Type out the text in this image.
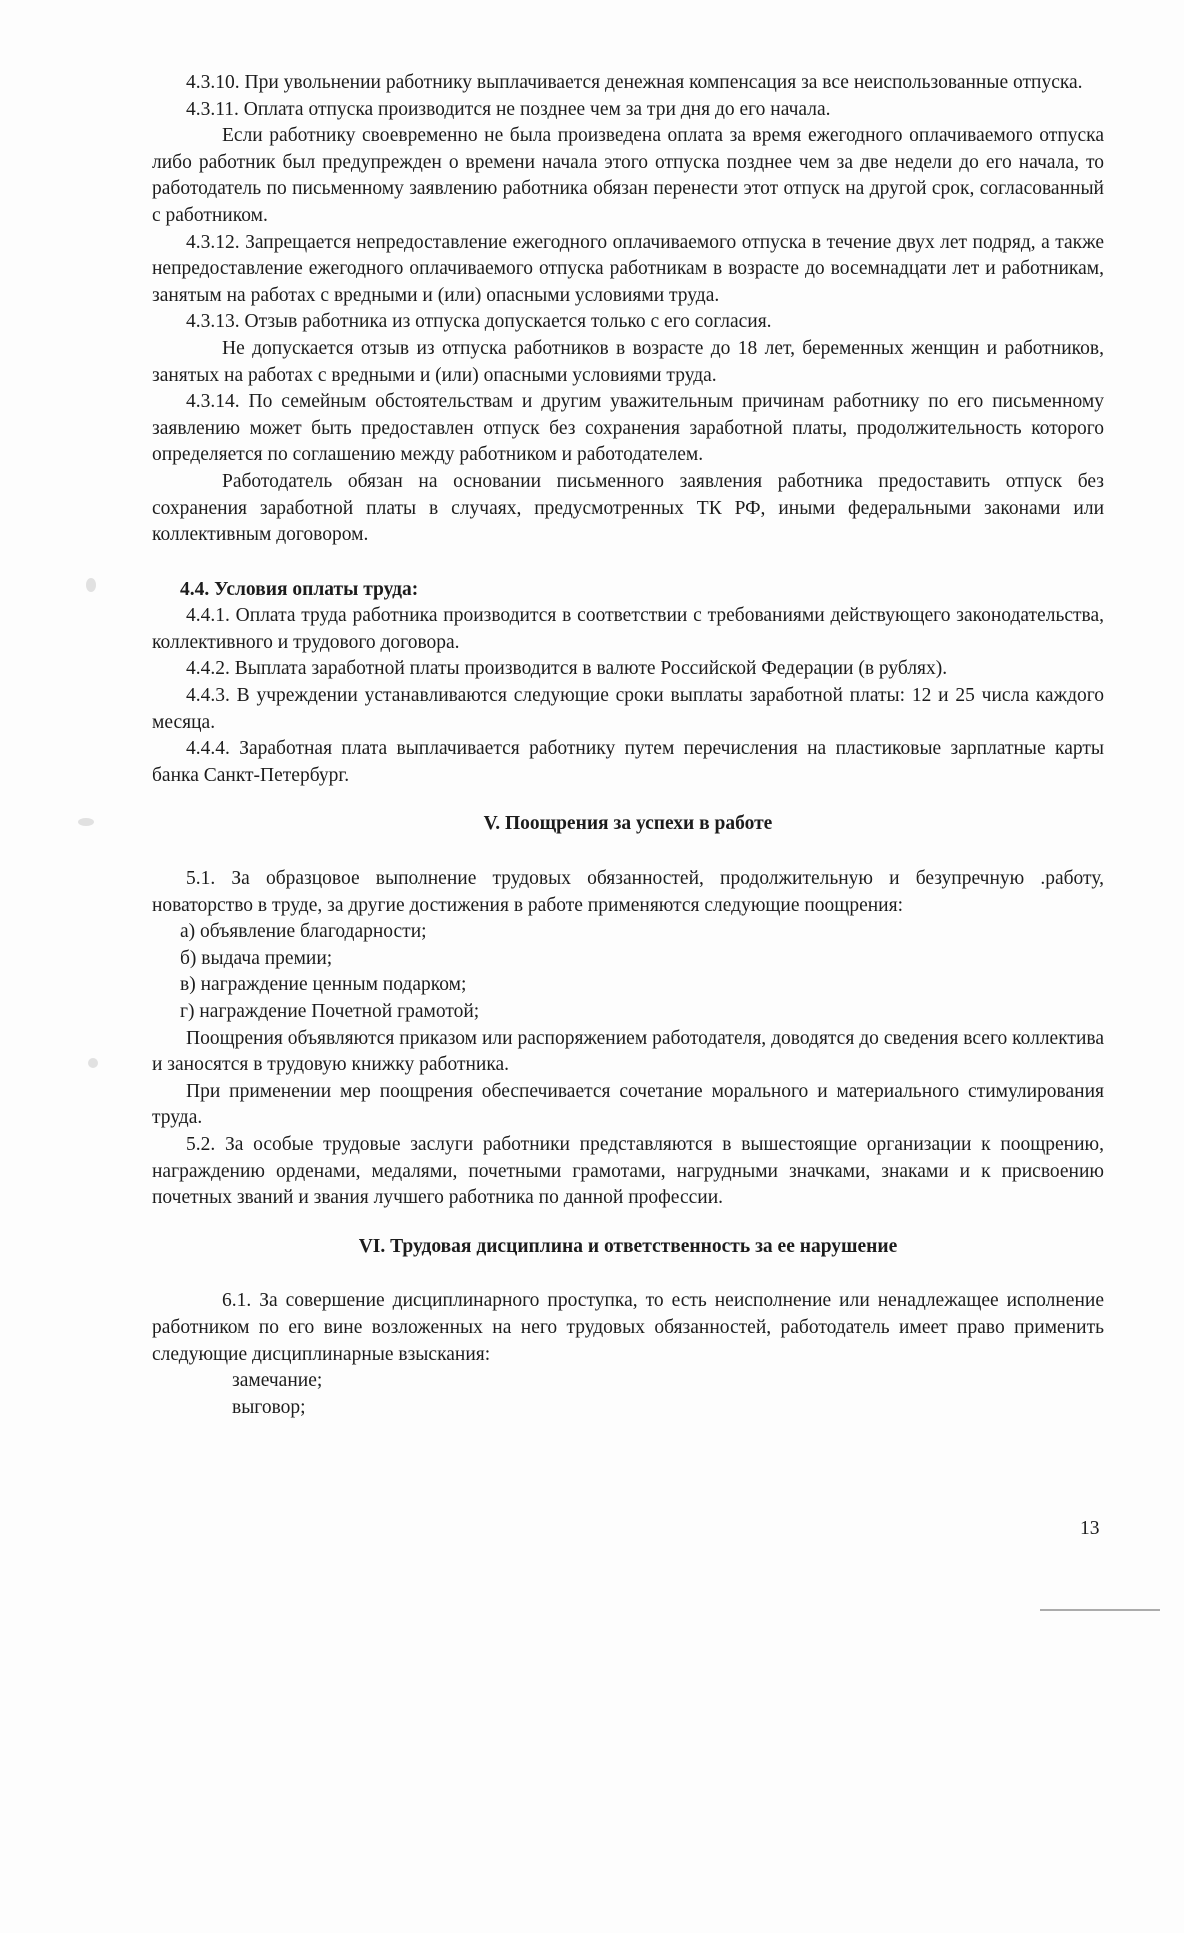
4.3.10. При увольнении работнику выплачивается денежная компенсация за все неиспользованные отпуска.

4.3.11. Оплата отпуска производится не позднее чем за три дня до его начала.

Если работнику своевременно не была произведена оплата за время ежегодного оплачиваемого отпуска либо работник был предупрежден о времени начала этого отпуска позднее чем за две недели до его начала, то работодатель по письменному заявлению работника обязан перенести этот отпуск на другой срок, согласованный с работником.

4.3.12. Запрещается непредоставление ежегодного оплачиваемого отпуска в течение двух лет подряд, а также непредоставление ежегодного оплачиваемого отпуска работникам в возрасте до восемнадцати лет и работникам, занятым на работах с вредными и (или) опасными условиями труда.

4.3.13. Отзыв работника из отпуска допускается только с его согласия.

Не допускается отзыв из отпуска работников в возрасте до 18 лет, беременных женщин и работников, занятых на работах с вредными и (или) опасными условиями труда.

4.3.14. По семейным обстоятельствам и другим уважительным причинам работнику по его письменному заявлению может быть предоставлен отпуск без сохранения заработной платы, продолжительность которого определяется по соглашению между работником и работодателем.

Работодатель обязан на основании письменного заявления работника предоставить отпуск без сохранения заработной платы в случаях, предусмотренных ТК РФ, иными федеральными законами или коллективным договором.

4.4. Условия оплаты труда:

4.4.1. Оплата труда работника производится в соответствии с требованиями действующего законодательства, коллективного и трудового договора.

4.4.2. Выплата заработной платы производится в валюте Российской Федерации (в рублях).

4.4.3. В учреждении устанавливаются следующие сроки выплаты заработной платы: 12 и 25 числа каждого месяца.

4.4.4. Заработная плата выплачивается работнику путем перечисления на пластиковые зарплатные карты банка Санкт-Петербург.

V. Поощрения за успехи в работе

5.1. За образцовое выполнение трудовых обязанностей, продолжительную и безупречную .работу, новаторство в труде, за другие достижения в работе применяются следующие поощрения:

а) объявление благодарности;

б) выдача премии;

в) награждение ценным подарком;

г) награждение Почетной грамотой;

Поощрения объявляются приказом или распоряжением работодателя, доводятся до сведения всего коллектива и заносятся в трудовую книжку работника.

При применении мер поощрения обеспечивается сочетание морального и материального стимулирования труда.

5.2. За особые трудовые заслуги работники представляются в вышестоящие организации к поощрению, награждению орденами, медалями, почетными грамотами, нагрудными значками, знаками и к присвоению почетных званий и звания лучшего работника по данной профессии.

VI. Трудовая дисциплина и ответственность за ее нарушение

6.1. За совершение дисциплинарного проступка, то есть неисполнение или ненадлежащее исполнение работником по его вине возложенных на него трудовых обязанностей, работодатель имеет право применить следующие дисциплинарные взыскания:

замечание;

выговор;

13
